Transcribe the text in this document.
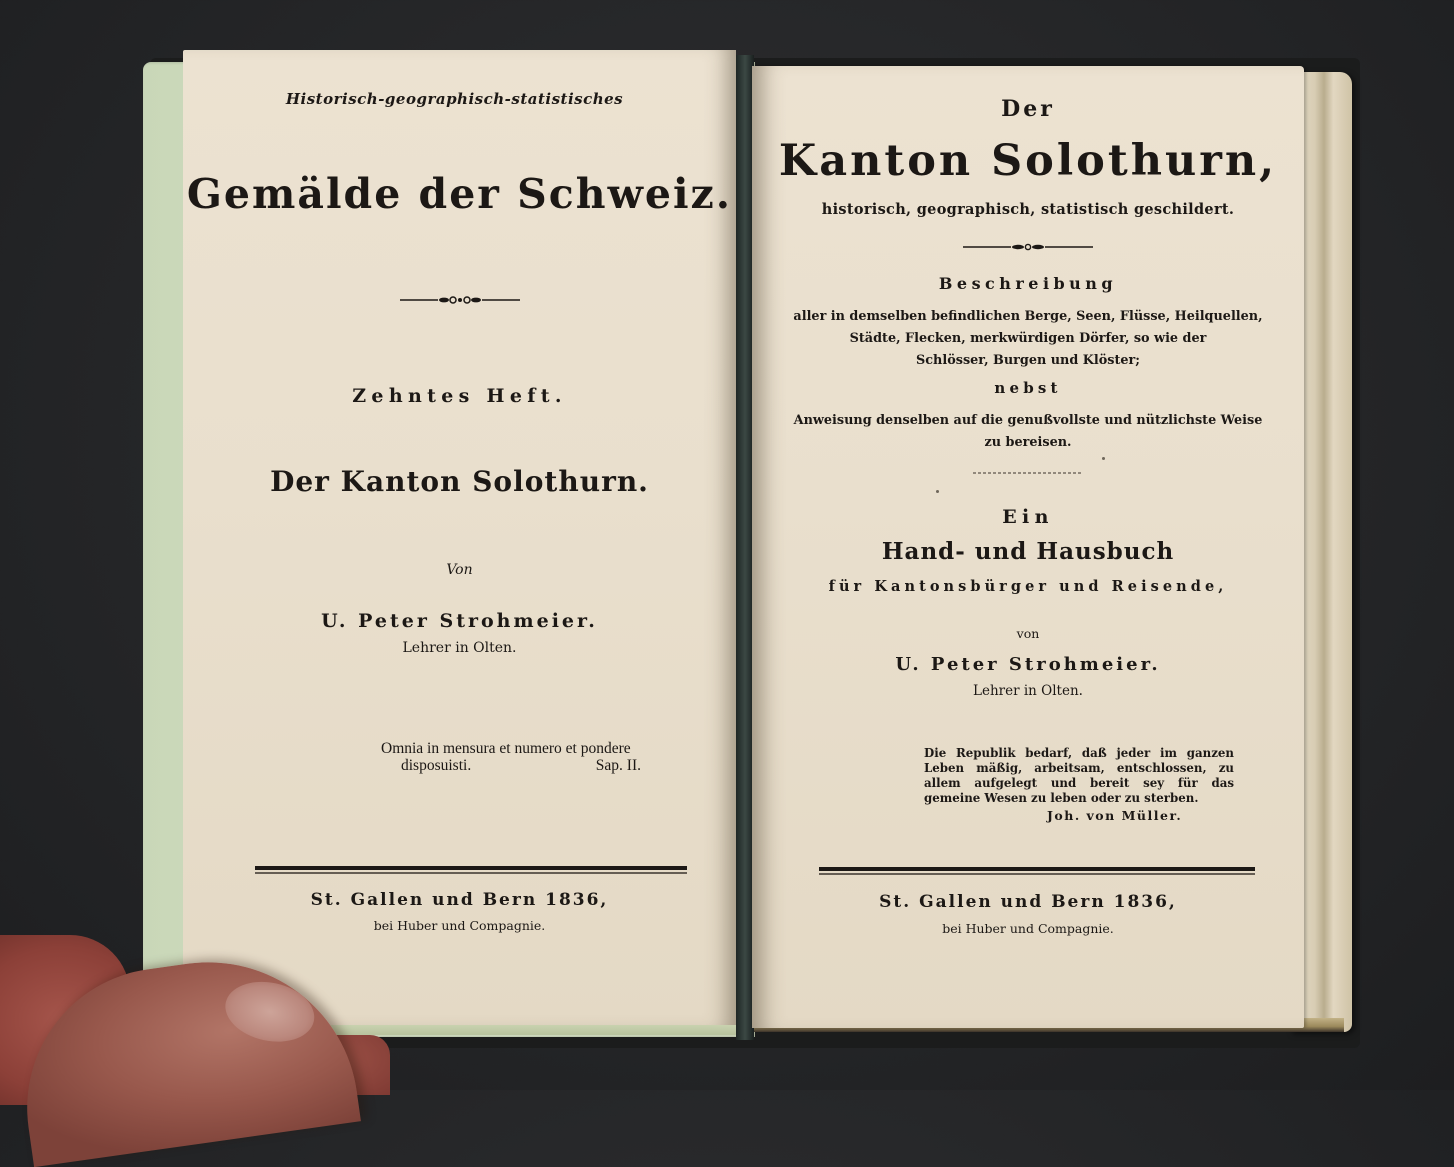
Historisch-geographisch-statistisches
Gemälde der Schweiz.
Zehntes Heft.
Der Kanton Solothurn.
Von
U. Peter Strohmeier.
Lehrer in Olten.
Omnia in mensura et numero et pondere
disposuisti.	Sap. II.
St. Gallen und Bern 1836,
bei Huber und Compagnie.
Der
Kanton Solothurn,
historisch, geographisch, statistisch geschildert.
Beschreibung
aller in demselben befindlichen Berge, Seen, Flüsse, Heilquellen,
Städte, Flecken, merkwürdigen Dörfer, so wie der
Schlösser, Burgen und Klöster;
nebst
Anweisung denselben auf die genußvollste und nützlichste Weise
zu bereisen.
Ein
Hand- und Hausbuch
für Kantonsbürger und Reisende,
von
U. Peter Strohmeier.
Lehrer in Olten.
Die Republik bedarf, daß jeder im ganzen Leben mäßig, arbeitsam, entschlossen, zu allem aufgelegt und bereit sey für das gemeine Wesen zu leben oder zu sterben.
Joh. von Müller.
St. Gallen und Bern 1836,
bei Huber und Compagnie.
